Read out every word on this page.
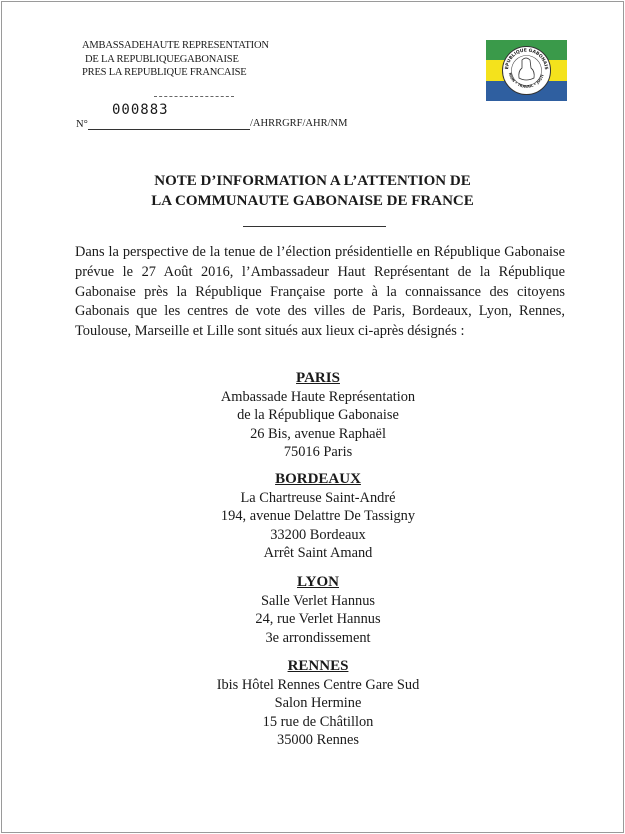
AMBASSADEHAUTE REPRESENTATION
DE LA REPUBLIQUEGABONAISE
PRES LA REPUBLIQUE FRANCAISE
N°
000883
/AHRRGRF/AHR/NM
EPUBLIQUE GABONAIS
NION • TRAVAIL • JUSTI
NOTE D’INFORMATION A L’ATTENTION DE
LA COMMUNAUTE GABONAISE DE FRANCE
Dans la perspective de la tenue de l’élection présidentielle en République Gabonaise prévue le 27 Août 2016, l’Ambassadeur Haut Représentant de la République Gabonaise près la République Française porte à la connaissance des citoyens Gabonais que les centres de vote des villes de Paris, Bordeaux, Lyon, Rennes, Toulouse, Marseille et Lille sont situés aux lieux ci-après désignés :
PARIS
Ambassade Haute Représentation
de la République Gabonaise
26 Bis, avenue Raphaël
75016 Paris
BORDEAUX
La Chartreuse Saint-André
194, avenue Delattre De Tassigny
33200 Bordeaux
Arrêt Saint Amand
LYON
Salle Verlet Hannus
24, rue Verlet Hannus
3e arrondissement
RENNES
Ibis Hôtel Rennes Centre Gare Sud
Salon Hermine
15 rue de Châtillon
35000 Rennes
